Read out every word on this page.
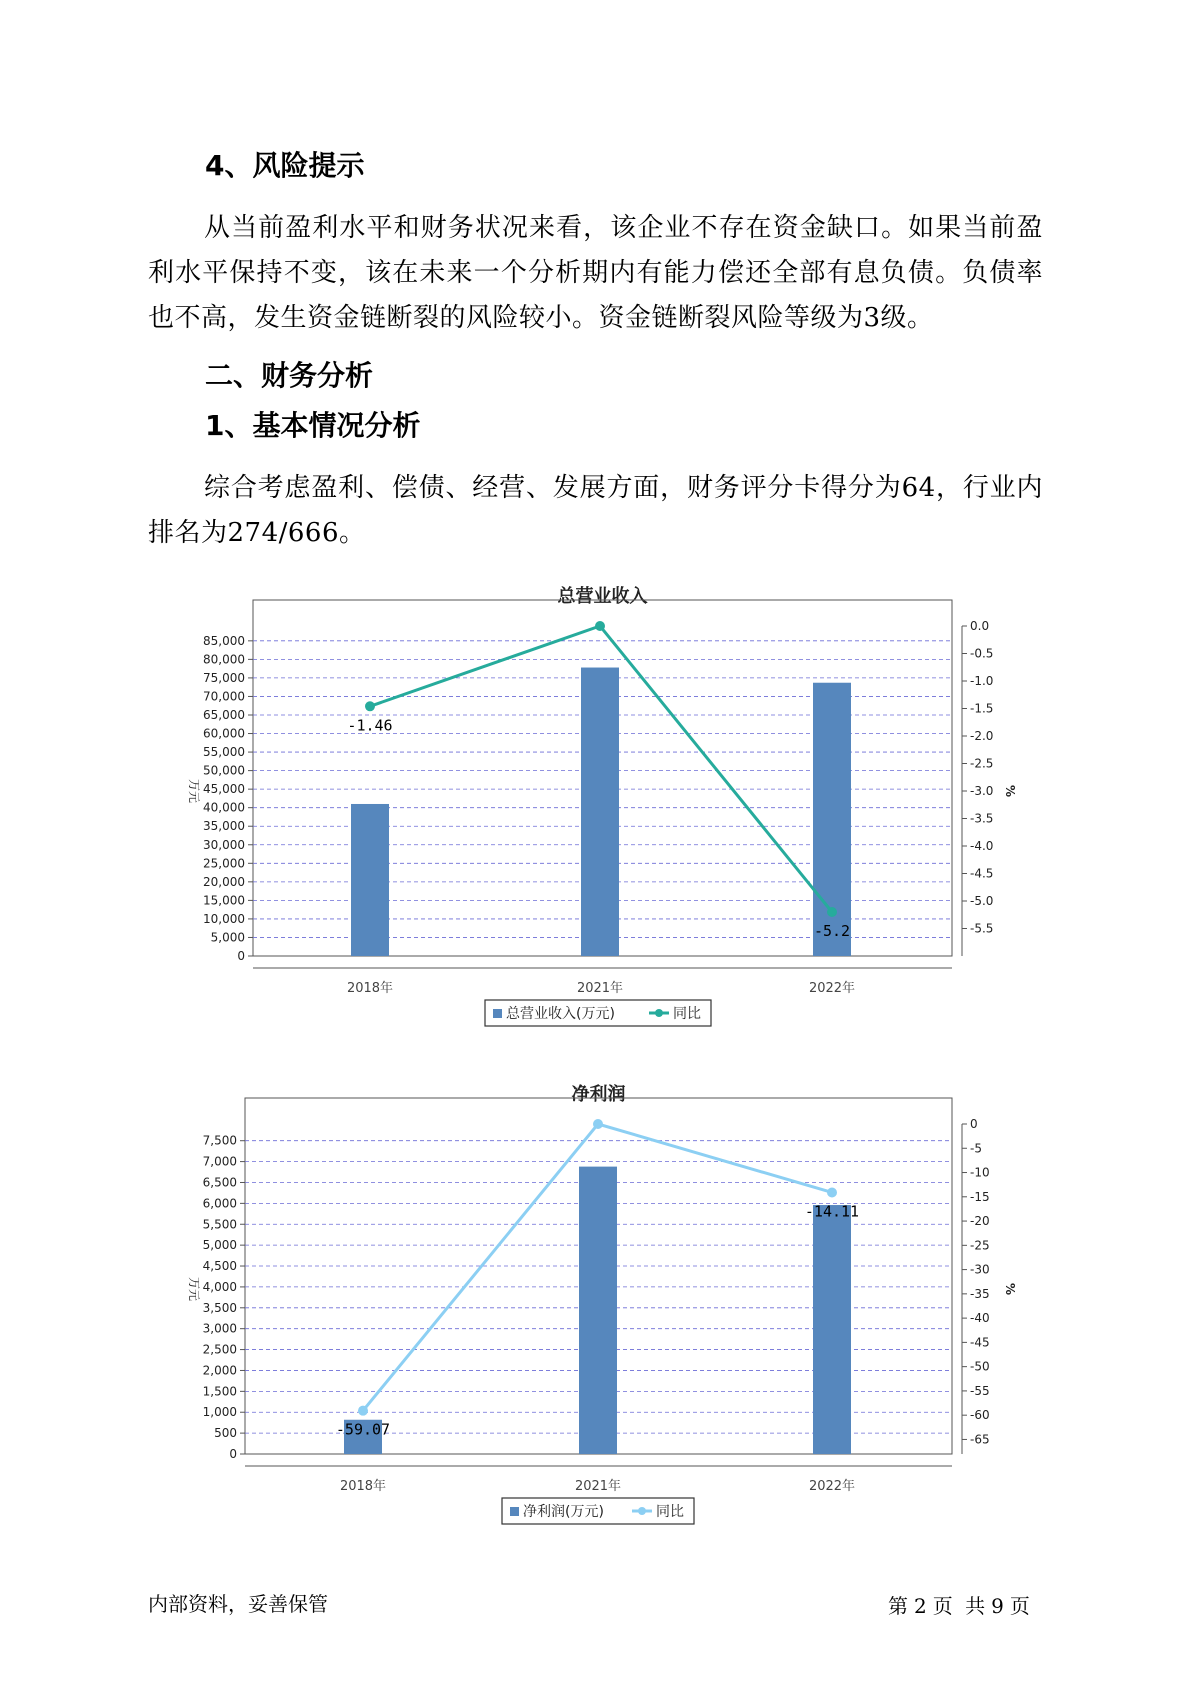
4、风险提示

从当前盈利水平和财务状况来看，该企业不存在资金缺口。如果当前盈利水平保持不变，该在未来一个分析期内有能力偿还全部有息负债。负债率也不高，发生资金链断裂的风险较小。资金链断裂风险等级为3级。

二、财务分析
1、基本情况分析

综合考虑盈利、偿债、经营、发展方面，财务评分卡得分为64，行业内排名为274/666。

总营业收入
0
5,000
10,000
15,000
20,000
25,000
30,000
35,000
40,000
45,000
50,000
55,000
60,000
65,000
70,000
75,000
80,000
85,000
0.0
-0.5
-1.0
-1.5
-2.0
-2.5
-3.0
-3.5
-4.0
-4.5
-5.0
-5.5
万元	%
2018年	2021年	2022年
-1.46
-5.2
总营业收入(万元)	同比
净利润
0
500
1,000
1,500
2,000
2,500
3,000
3,500
4,000
4,500
5,000
5,500
6,000
6,500
7,000
7,500
0
-5
-10
-15
-20
-25
-30
-35
-40
-45
-50
-55
-60
-65
万元	%
2018年	2021年	2022年
-59.07
-14.11
净利润(万元)	同比
内部资料，妥善保管	第 2 页 共 9 页
